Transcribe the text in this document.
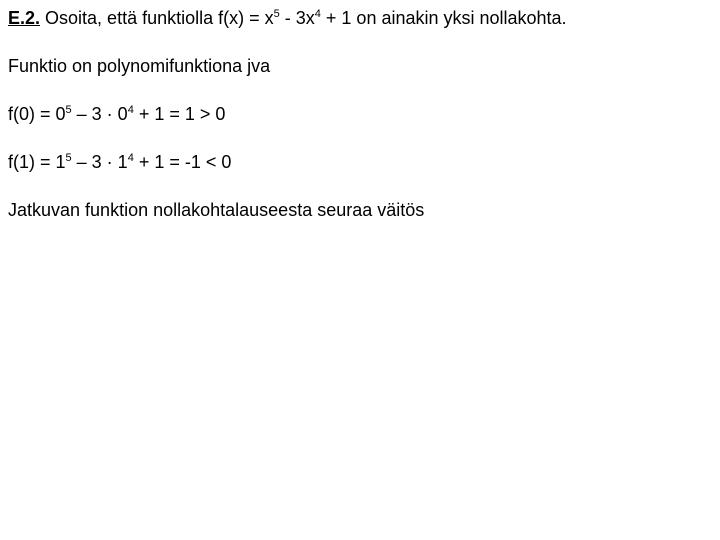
E.2. Osoita, että funktiolla $f(x) = x^5 - 3x^4 + 1$ on ainakin yksi nollakohta.
Funktio on polynomifunktiona jva
$f(0) = 0^5 - 3 \cdot 0^4 + 1 = 1 > 0$
$f(1) = 1^5 - 3 \cdot 1^4 + 1 = -1 < 0$
Jatkuvan funktion nollakohtalauseesta seuraa väitös
